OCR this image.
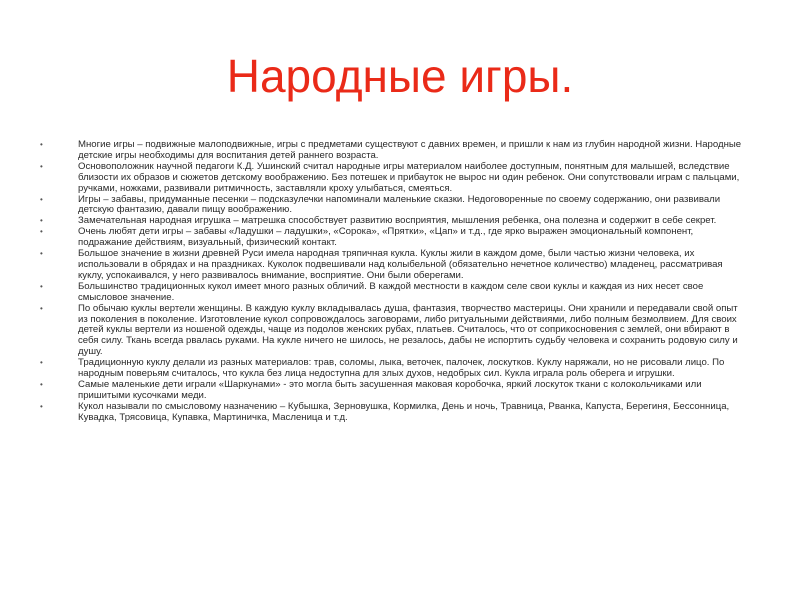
Народные игры.
•	Многие игры – подвижные малоподвижные, игры с предметами существуют с давних времен, и пришли к нам из глубин народной жизни. Народные детские игры необходимы для воспитания детей раннего возраста.
•	Основоположник научной педагоги К.Д. Ушинский считал народные игры материалом наиболее доступным, понятным для малышей, вследствие близости их образов и сюжетов детскому воображению. Без потешек и прибауток не вырос ни один ребенок. Они сопутствовали играм с пальцами, ручками, ножками, развивали ритмичность, заставляли кроху улыбаться, смеяться.
•	Игры – забавы, придуманные песенки – подсказулечки напоминали маленькие сказки. Недоговоренные по своему содержанию, они развивали детскую фантазию, давали пищу воображению.
•	Замечательная народная игрушка – матрешка способствует развитию восприятия, мышления ребенка, она полезна и содержит в себе секрет.
•	Очень любят дети игры – забавы «Ладушки – ладушки», «Сорока», «Прятки», «Цап» и т.д., где ярко выражен эмоциональный компонент, подражание действиям, визуальный, физический контакт.
•	Большое значение в жизни древней Руси имела народная тряпичная кукла. Куклы жили в каждом доме, были частью жизни человека, их использовали в обрядах и на праздниках. Куколок подвешивали над колыбельной (обязательно нечетное количество) младенец, рассматривая куклу, успокаивался, у него развивалось внимание, восприятие. Они были оберегами.
•	Большинство традиционных кукол имеет много разных обличий. В каждой местности в каждом селе свои куклы и каждая из них несет свое смысловое значение.
•	По обычаю куклы вертели женщины. В каждую куклу вкладывалась душа, фантазия, творчество мастерицы. Они хранили и передавали свой опыт из поколения в поколение. Изготовление кукол сопровождалось заговорами, либо ритуальными действиями, либо полным безмолвием. Для своих детей куклы вертели из ношеной одежды, чаще из подолов женских рубах, платьев. Считалось, что от соприкосновения с землей, они вбирают в себя силу. Ткань всегда рвалась руками. На кукле ничего не шилось, не резалось, дабы не испортить судьбу человека и сохранить родовую силу и душу.
•	Традиционную куклу делали из разных материалов: трав, соломы, лыка, веточек, палочек, лоскутков. Куклу наряжали, но не рисовали лицо. По народным поверьям считалось, что кукла без лица недоступна для злых духов, недобрых сил. Кукла играла роль оберега и игрушки.
•	Самые маленькие дети играли «Шаркунами» - это могла быть засушенная маковая коробочка, яркий лоскуток ткани с колокольчиками или пришитыми кусочками меди.
•	Кукол называли по смысловому назначению – Кубышка, Зерновушка, Кормилка, День и ночь, Травница, Рванка, Капуста, Берегиня, Бессонница, Кувадка, Трясовица, Купавка, Мартиничка, Масленица и т.д.
